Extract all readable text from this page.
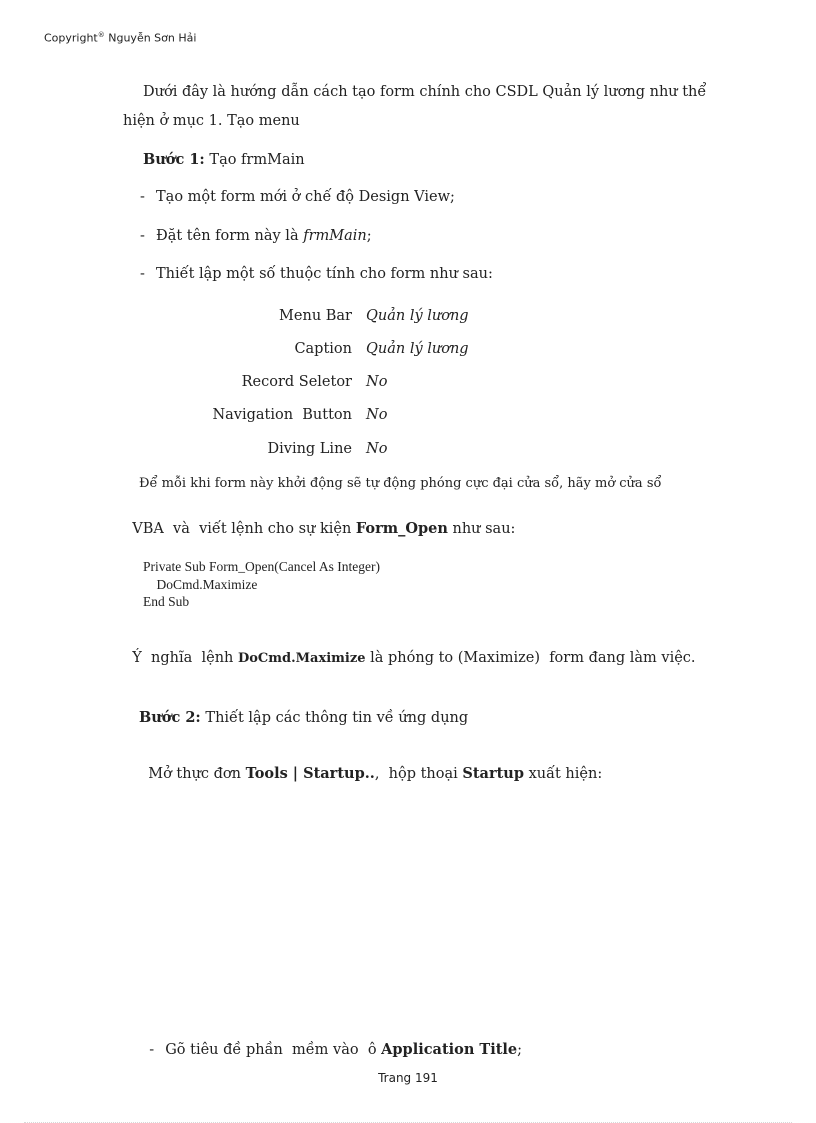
Copyright® Nguyễn Sơn Hải
Dưới đây là hướng dẫn cách tạo form chính cho CSDL Quản lý lương như thể
hiện ở mục 1. Tạo menu
Bước 1: Tạo frmMain
- Tạo một form mới ở chế độ Design View;
- Đặt tên form này là frmMain;
- Thiết lập một số thuộc tính cho form như sau:
Menu Bar Quản lý lương
Caption Quản lý lương
Record Seletor No
Navigation  Button No
Diving Line No
Để mỗi khi form này khởi động sẽ tự động phóng cực đại cửa sổ, hãy mở cửa sổ

VBA  và  viết lệnh cho sự kiện Form_Open như sau:

Private Sub Form_Open(Cancel As Integer)
DoCmd.Maximize
End Sub

Ý  nghĩa  lệnh DoCmd.Maximize là phóng to (Maximize)  form đang làm việc.

Bước 2: Thiết lập các thông tin về ứng dụng

Mở thực đơn Tools | Startup..,  hộp thoại Startup xuất hiện:

- Gõ tiêu đề phần  mềm vào  ô Application Title;

Trang 191
